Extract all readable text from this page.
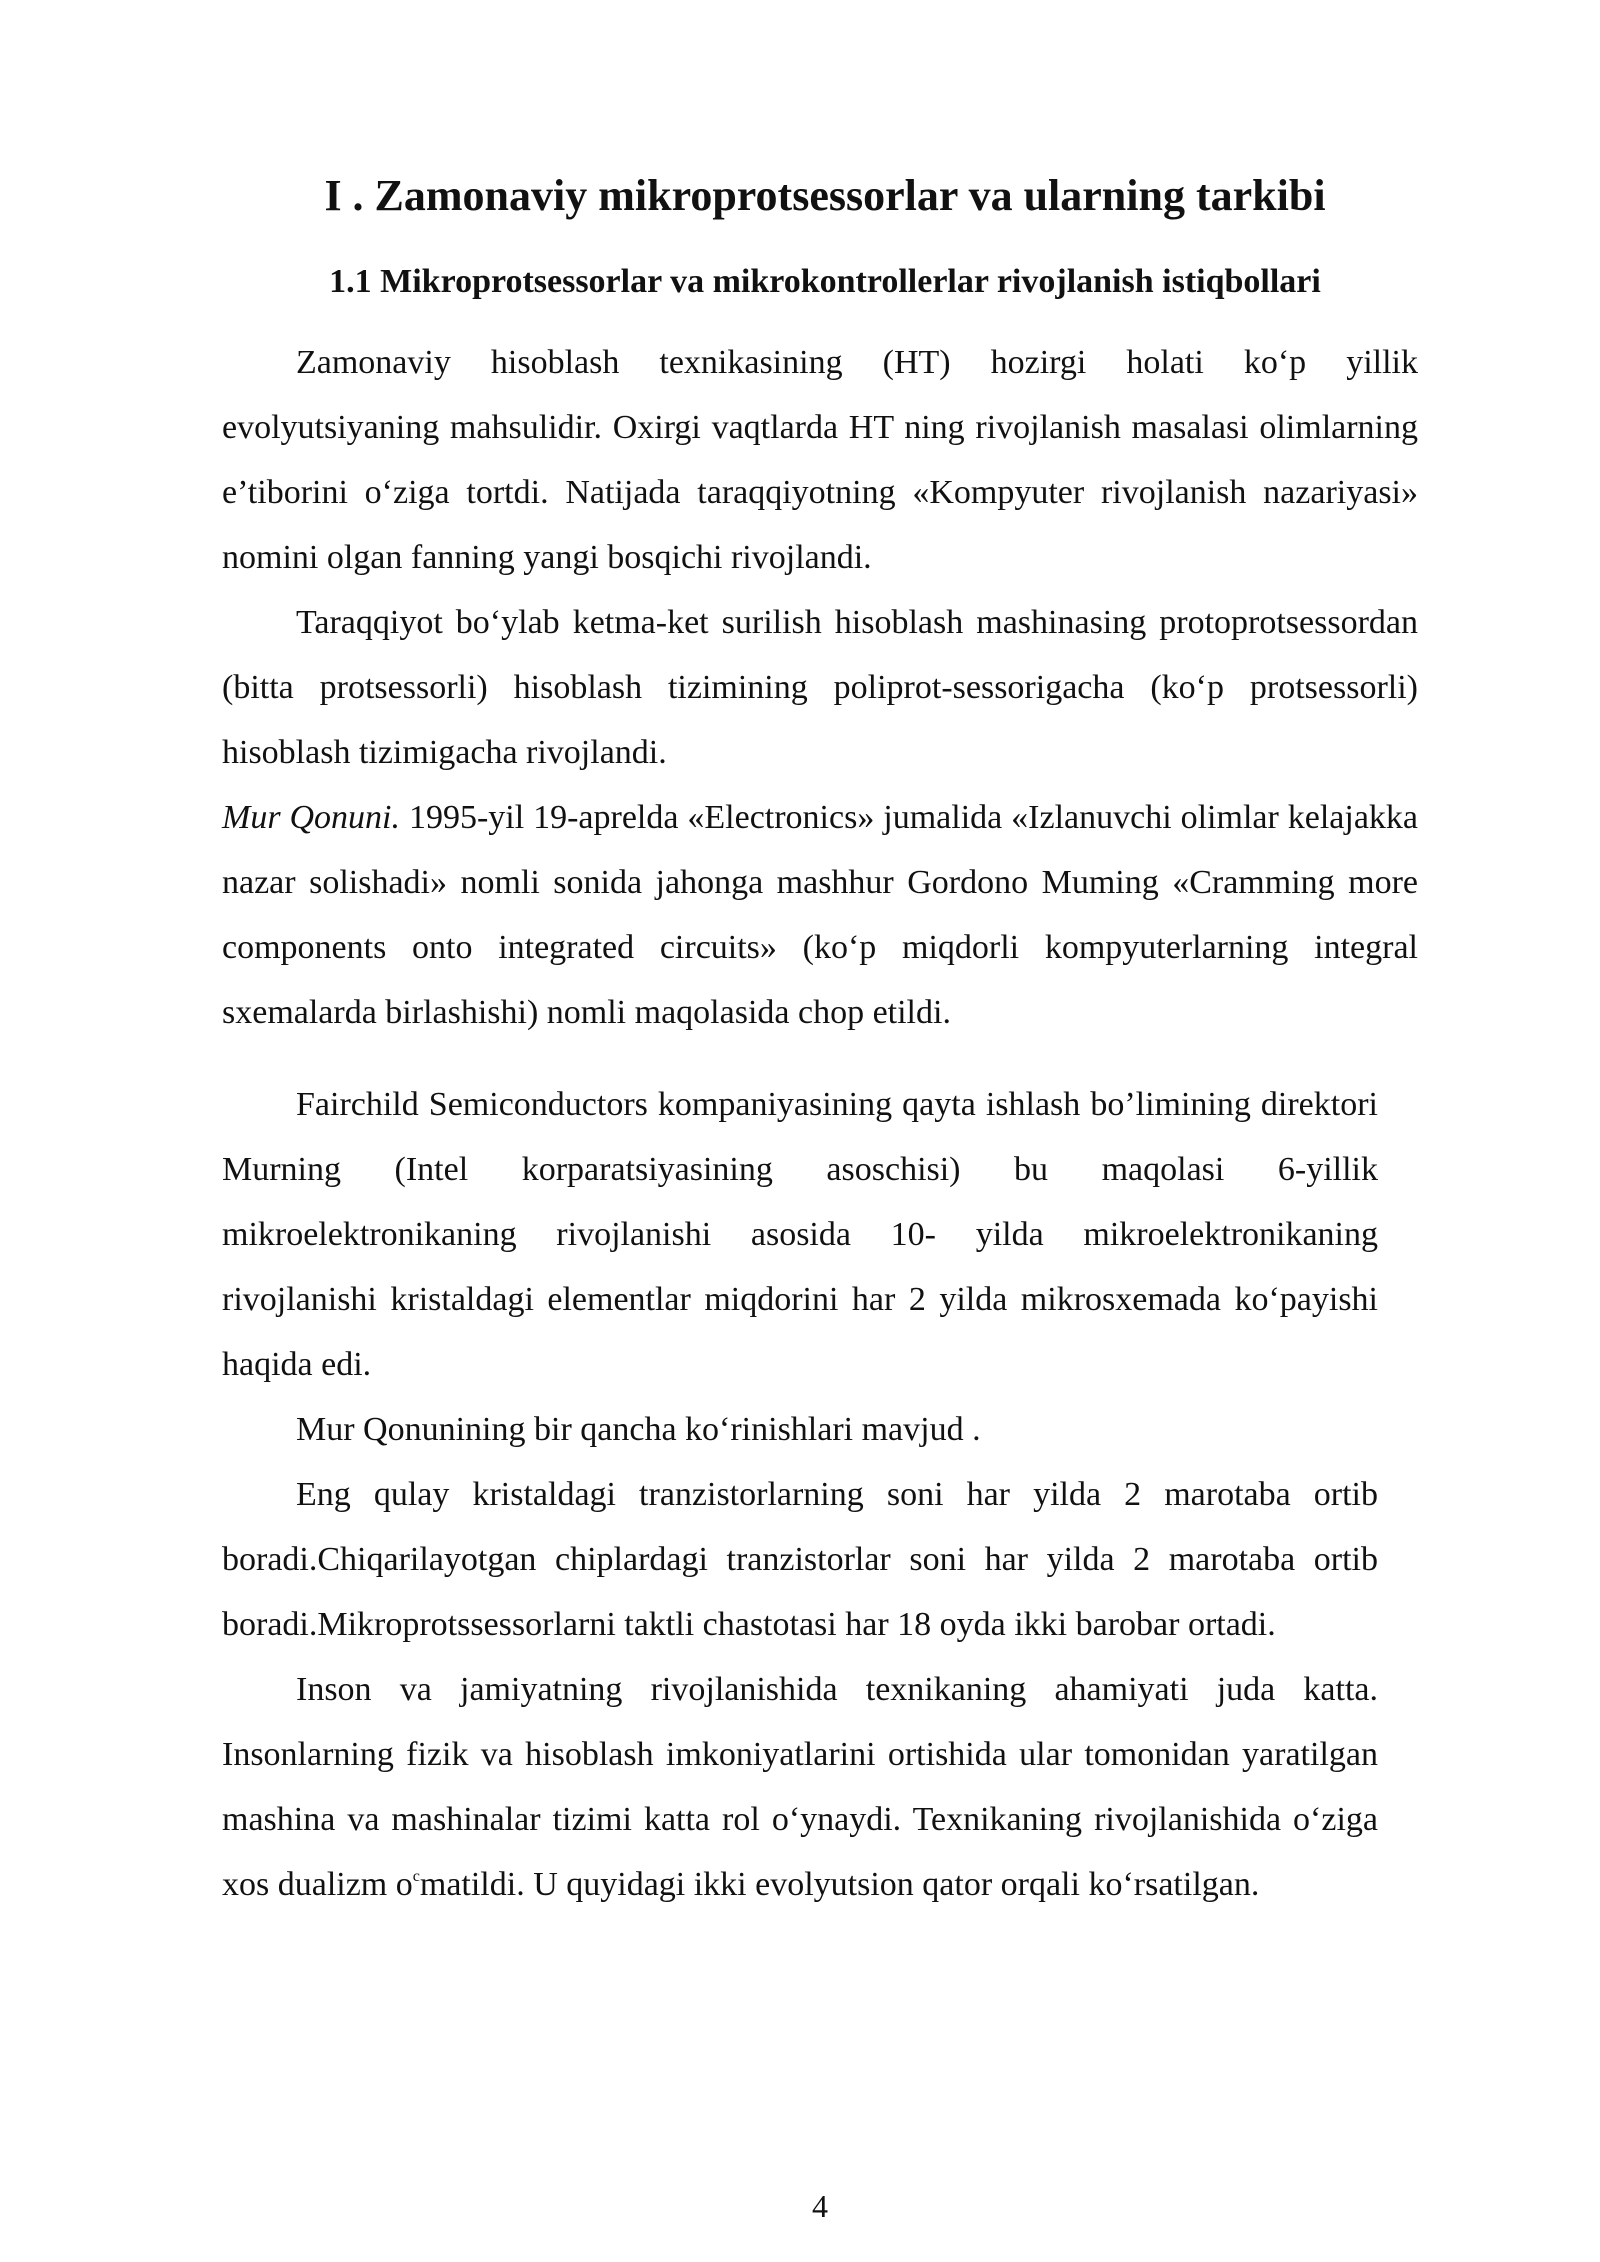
I . Zamonaviy mikroprotsessorlar va ularning tarkibi
1.1 Mikroprotsessorlar va mikrokontrollerlar rivojlanish istiqbollari

Zamonaviy hisoblash texnikasining (HT) hozirgi holati ko‘p yillik evolyutsiyaning mahsulidir. Oxirgi vaqtlarda HT ning rivojlanish masalasi olimlarning e’tiborini o‘ziga tortdi. Natijada taraqqiyotning «Kompyuter rivojlanish nazariyasi» nomini olgan fanning yangi bosqichi rivojlandi.

Taraqqiyot bo‘ylab ketma-ket surilish hisoblash mashinasing protoprotsessordan (bitta protsessorli) hisoblash tizimining poliprot-sessorigacha (ko‘p protsessorli) hisoblash tizimigacha rivojlandi.

Mur Qonuni. 1995-yil 19-aprelda «Electronics» jumalida «Izlanuvchi olimlar kelajakka nazar solishadi» nomli sonida jahonga mashhur Gordono Muming «Cramming more components onto integrated circuits» (ko‘p miqdorli kompyuterlarning integral sxemalarda birlashishi) nomli maqolasida chop etildi.

Fairchild Semiconductors kompaniyasining qayta ishlash bo’limining direktori Murning (Intel korparatsiyasining asoschisi) bu maqolasi 6-yillik mikroelektronikaning rivojlanishi asosida 10- yilda mikroelektronikaning rivojlanishi kristaldagi elementlar miqdorini har 2 yilda mikrosxemada ko‘payishi haqida edi.

Mur Qonunining bir qancha ko‘rinishlari mavjud .

Eng qulay kristaldagi tranzistorlarning soni har yilda 2 marotaba ortib boradi.Chiqarilayotgan chiplardagi tranzistorlar soni har yilda 2 marotaba ortib boradi.Mikroprotssessorlarni taktli chastotasi har 18 oyda ikki barobar ortadi.

Inson va jamiyatning rivojlanishida texnikaning ahamiyati juda katta. Insonlarning fizik va hisoblash imkoniyatlarini ortishida ular tomonidan yaratilgan mashina va mashinalar tizimi katta rol o‘ynaydi. Texnikaning rivojlanishida o‘ziga xos dualizm $o^cmatildi$. U quyidagi ikki evolyutsion qator orqali ko‘rsatilgan.

4
